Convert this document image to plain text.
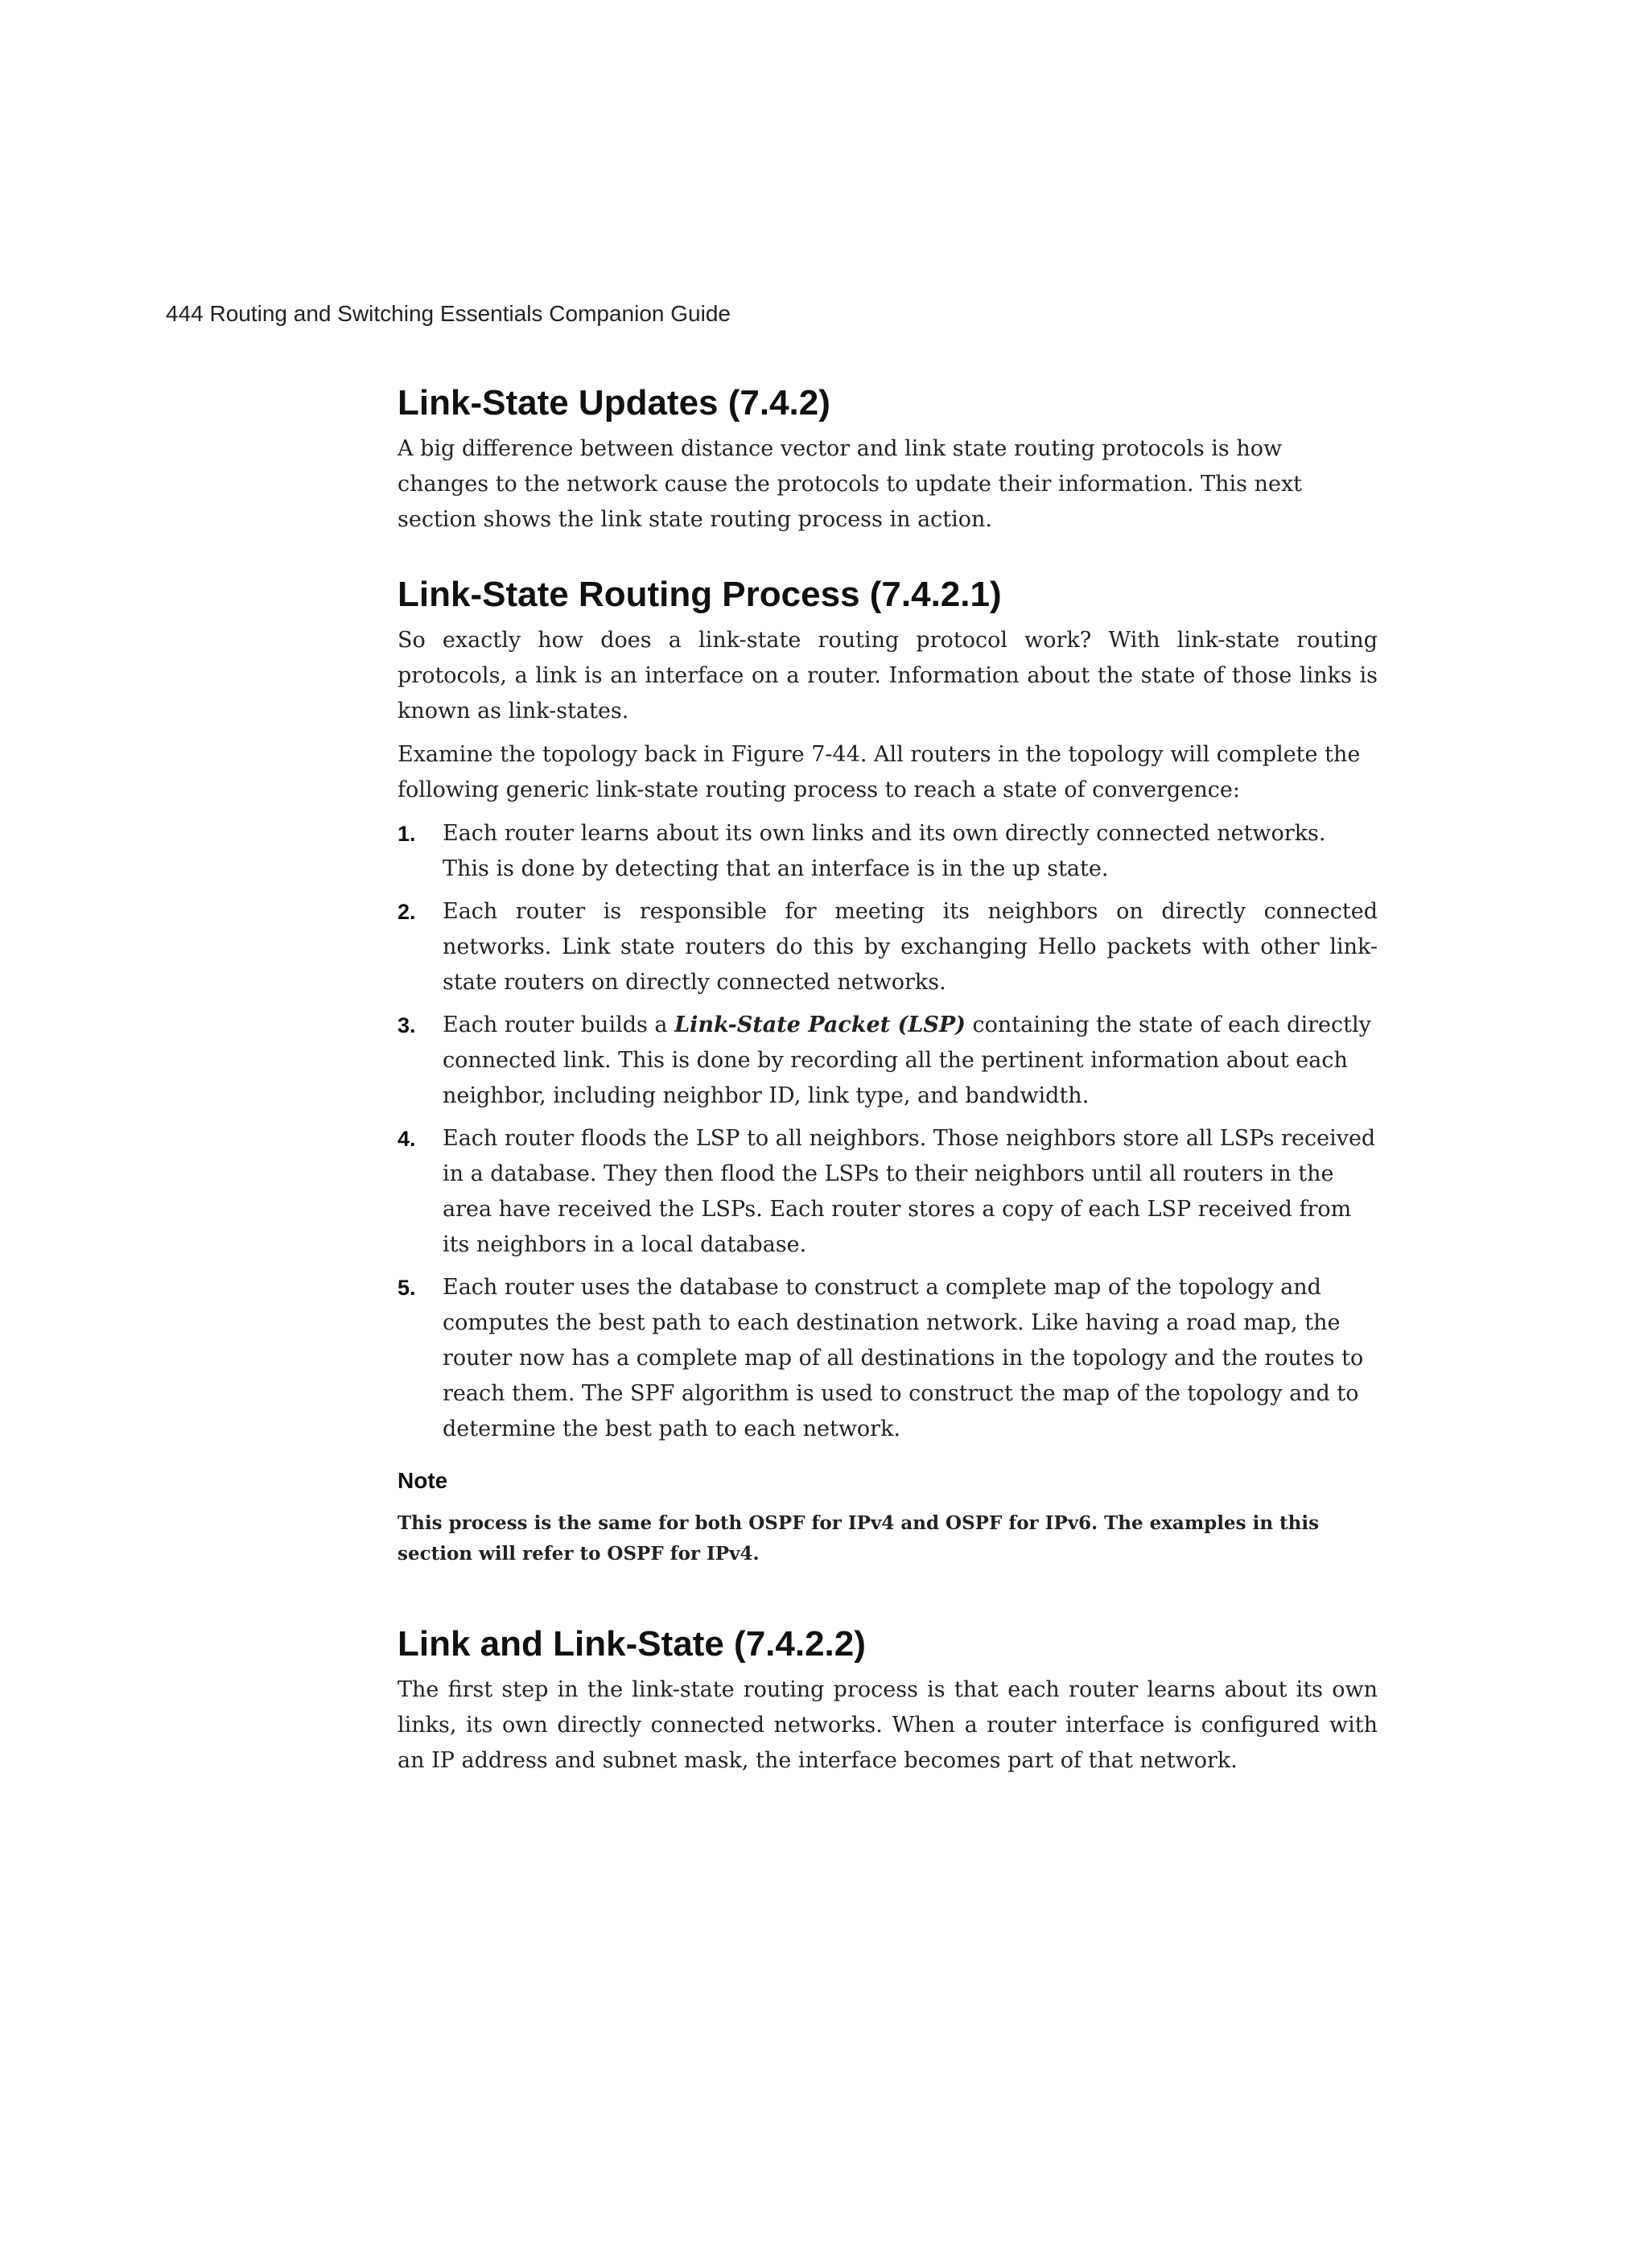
444 Routing and Switching Essentials Companion Guide
Link-State Updates (7.4.2)

A big difference between distance vector and link state routing protocols is how changes to the network cause the protocols to update their information. This next section shows the link state routing process in action.

Link-State Routing Process (7.4.2.1)

So exactly how does a link-state routing protocol work? With link-state routing protocols, a link is an interface on a router. Information about the state of those links is known as link-states.

Examine the topology back in Figure 7-44. All routers in the topology will complete the following generic link-state routing process to reach a state of convergence:

1. Each router learns about its own links and its own directly connected networks. This is done by detecting that an interface is in the up state.
2. Each router is responsible for meeting its neighbors on directly connected networks. Link state routers do this by exchanging Hello packets with other link- state routers on directly connected networks.
3. Each router builds a Link-State Packet (LSP) containing the state of each directly connected link. This is done by recording all the pertinent information about each neighbor, including neighbor ID, link type, and bandwidth.
4. Each router floods the LSP to all neighbors. Those neighbors store all LSPs received in a database. They then flood the LSPs to their neighbors until all routers in the area have received the LSPs. Each router stores a copy of each LSP received from its neighbors in a local database.
5. Each router uses the database to construct a complete map of the topology and computes the best path to each destination network. Like having a road map, the router now has a complete map of all destinations in the topology and the routes to reach them. The SPF algorithm is used to construct the map of the topology and to determine the best path to each network.
Note

This process is the same for both OSPF for IPv4 and OSPF for IPv6. The examples in this section will refer to OSPF for IPv4.

Link and Link-State (7.4.2.2)

The first step in the link-state routing process is that each router learns about its own links, its own directly connected networks. When a router interface is configured with an IP address and subnet mask, the interface becomes part of that network.
